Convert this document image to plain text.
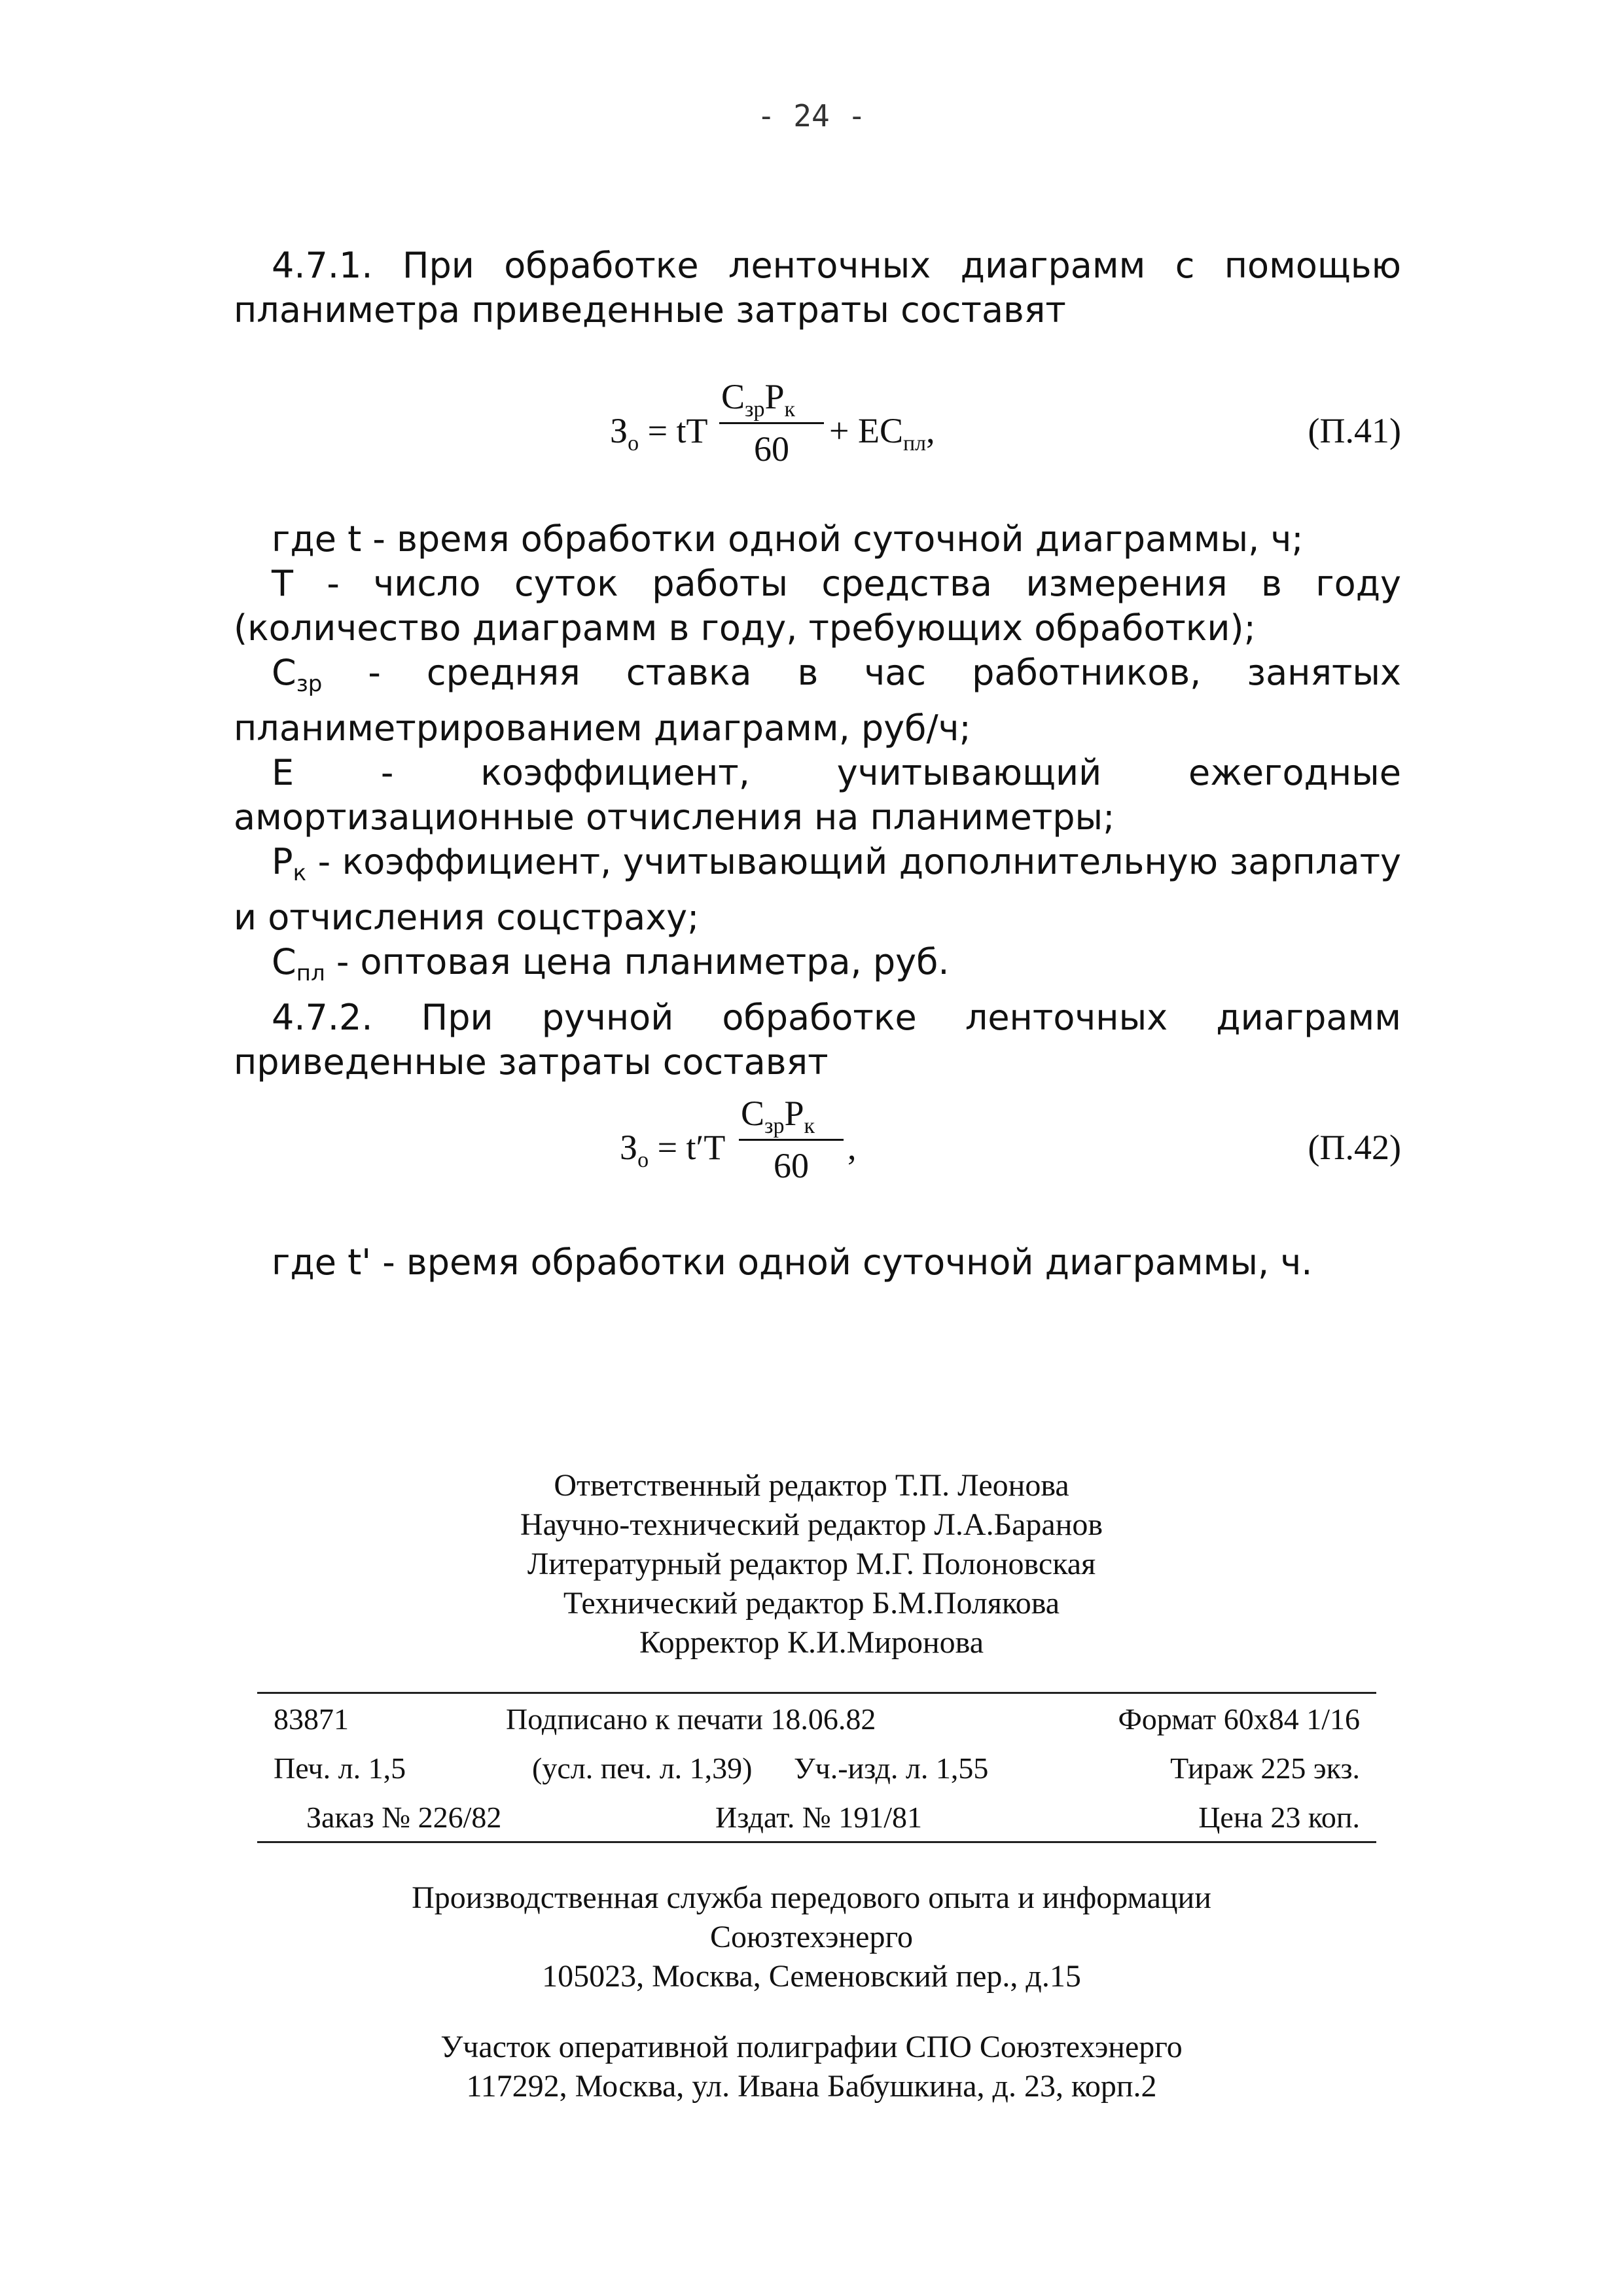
- 24 -
4.7.1. При обработке ленточных диаграмм с помощью планиметра приведенные затраты составят
$З_о$ = tT
$С_{зр}Р_к$
$60 + ЕС_{пл}$,	(П.41)
где t - время обработки одной суточной диаграммы, ч;
Т - число суток работы средства измерения в году (количество диаграмм в году, требующих обработки);
$С_{зр}$ - средняя ставка в час работников, занятых планиметрированием диаграмм, руб/ч;
Е - коэффициент, учитывающий ежегодные амортизационные отчисления на планиметры;
$Р_к$ - коэффициент, учитывающий дополнительную зарплату и отчисления соцстраху;
$С_{пл}$ - оптовая цена планиметра, руб.
4.7.2. При ручной обработке ленточных диаграмм приведенные затраты составят
$З_о = t'T$
$С_{зр}Р_к$
60 ,	(П.42)
где t' - время обработки одной суточной диаграммы, ч.
Ответственный редактор Т.П. Леонова
Научно-технический редактор Л.А.Баранов
Литературный редактор М.Г. Полоновская
Технический редактор Б.М.Полякова
Корректор К.И.Миронова
83871	Подписано к печати 18.06.82	Формат 60х84 1/16
Печ. л. 1,5	(усл. печ. л. 1,39) Уч.-изд. л. 1,55	Тираж 225 экз.
Заказ № 226/82	Издат. № 191/81	Цена 23 коп.
Производственная служба передового опыта и информации
Союзтехэнерго
105023, Москва, Семеновский пер., д.15
Участок оперативной полиграфии СПО Союзтехэнерго
117292, Москва, ул. Ивана Бабушкина, д. 23, корп.2
